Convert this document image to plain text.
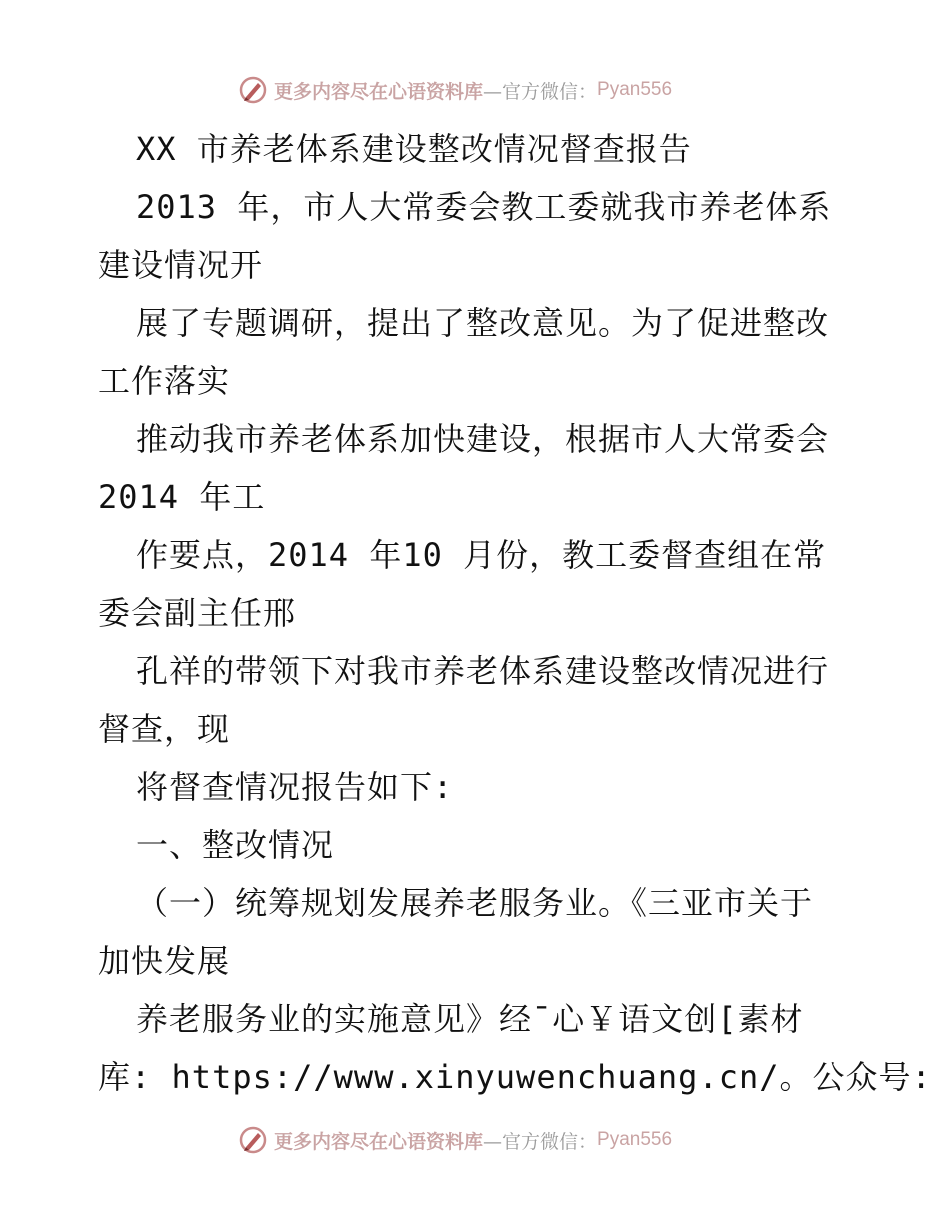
更多内容尽在心语资料库 —官方微信： Pyan556
XX 市养老体系建设整改情况督查报告
2013 年，市人大常委会教工委就我市养老体系
建设情况开
展了专题调研，提出了整改意见。为了促进整改
工作落实
推动我市养老体系加快建设，根据市人大常委会
2014 年工
作要点，2014 年10 月份，教工委督查组在常
委会副主任邢
孔祥的带领下对我市养老体系建设整改情况进行
督查，现
将督查情况报告如下:
一、整改情况
（一）统筹规划发展养老服务业。《三亚市关于
加快发展
养老服务业的实施意见》经¯心￥语文创[素材
库: https://www.xinyuwenchuang.cn/。公众号:
更多内容尽在心语资料库 —官方微信： Pyan556
